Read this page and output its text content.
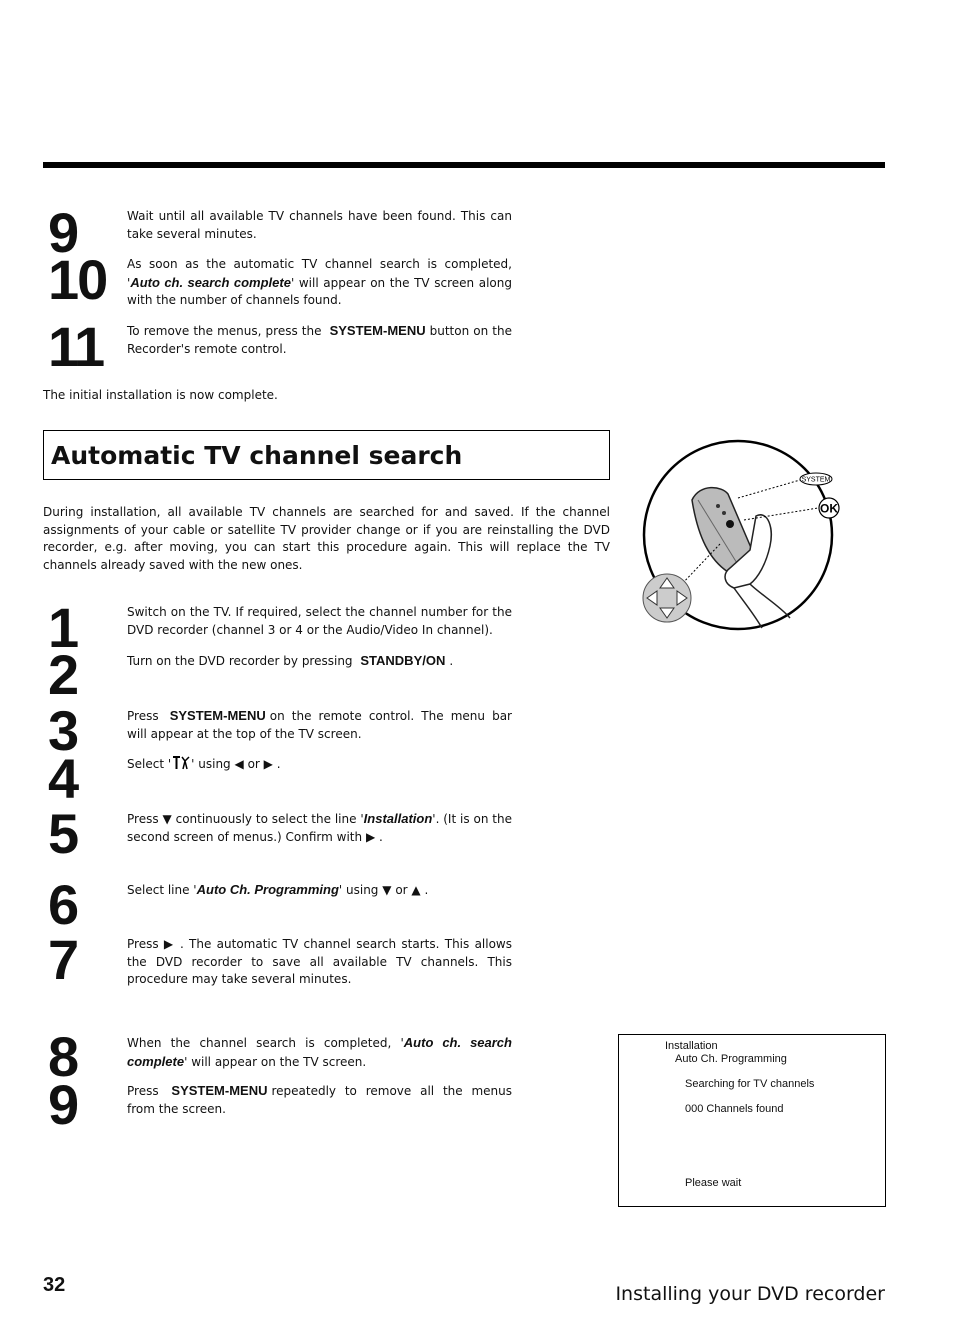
9	Wait until all available TV channels have been found. This can take several minutes.
10 As soon as the automatic TV channel search is completed, 'Auto ch. search complete' will appear on the TV screen along with the number of channels found.
11 To remove the menus, press the SYSTEM-MENU button on the Recorder's remote control.
The initial installation is now complete.
Automatic TV channel search
During installation, all available TV channels are searched for and saved. If the channel assignments of your cable or satellite TV provider change or if you are reinstalling the DVD recorder, e.g. after moving, you can start this procedure again. This will replace the TV channels already saved with the new ones.
SYSTEM
OK
1
2
3
4
5
6
7
8
9
Switch on the TV. If required, select the channel number for the DVD recorder (channel 3 or 4 or the Audio/Video In channel).
Turn on the DVD recorder by pressing STANDBY/ON .
Press SYSTEM-MENU on the remote control. The menu bar will appear at the top of the TV screen.
Select ' ' using ◀ or ▶ .
Press ▼ continuously to select the line 'Installation'. (It is on the second screen of menus.) Confirm with ▶ .
Select line 'Auto Ch. Programming' using ▼ or ▲ .
Press ▶ . The automatic TV channel search starts. This allows the DVD recorder to save all available TV channels. This procedure may take several minutes.
When the channel search is completed, 'Auto ch. search complete' will appear on the TV screen.
Press SYSTEM-MENU repeatedly to remove all the menus from the screen.
Installation
Auto Ch. Programming
Searching for TV channels
000 Channels found
Please wait
32	Installing your DVD recorder
